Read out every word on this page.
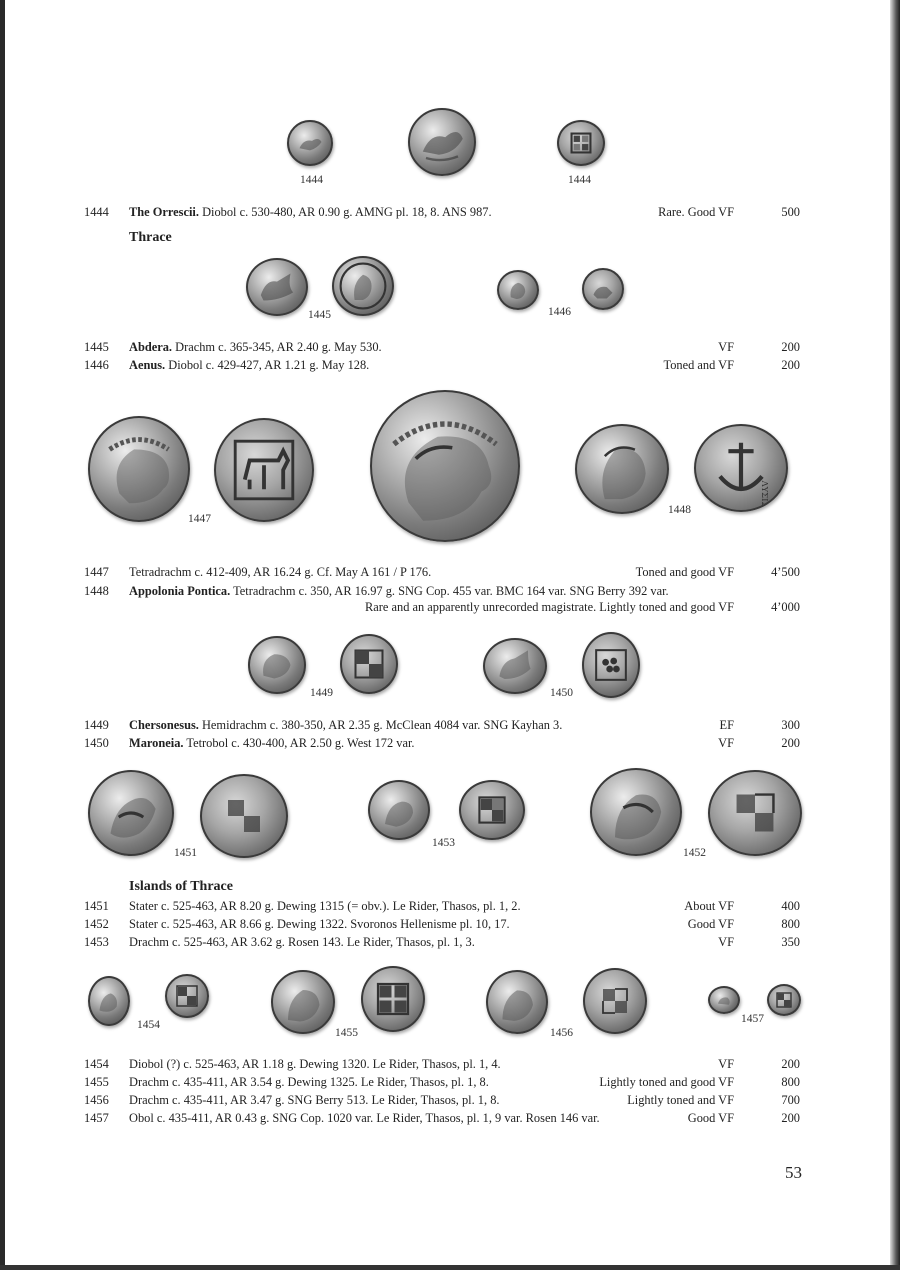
1444	1444
1444 The Orrescii. Diobol c. 530-480, AR 0.90 g. AMNG pl. 18, 8. ANS 987.	Rare. Good VF	500
Thrace
1445	1446
1445 Abdera. Drachm c. 365-345, AR 2.40 g. May 530.	VF	200
1446 Aenus. Diobol c. 429-427, AR 1.21 g. May 128.	Toned and VF	200
ΛΥΣΙΣ
1447
1448
1447 Tetradrachm c. 412-409, AR 16.24 g. Cf. May A 161 / P 176.	Toned and good VF	4’500
1448 Appolonia Pontica. Tetradrachm c. 350, AR 16.97 g. SNG Cop. 455 var. BMC 164 var. SNG Berry 392 var.
Rare and an apparently unrecorded magistrate. Lightly toned and good VF	4’000
1449	1450
1449 Chersonesus. Hemidrachm c. 380-350, AR 2.35 g. McClean 4084 var. SNG Kayhan 3.	EF	300
1450 Maroneia. Tetrobol c. 430-400, AR 2.50 g. West 172 var.	VF	200
1451
1453
1452
Islands of Thrace
1451 Stater c. 525-463, AR 8.20 g. Dewing 1315 (= obv.). Le Rider, Thasos, pl. 1, 2.	About VF	400
1452 Stater c. 525-463, AR 8.66 g. Dewing 1322. Svoronos Hellenisme pl. 10, 17.	Good VF	800
1453 Drachm c. 525-463, AR 3.62 g. Rosen 143. Le Rider, Thasos, pl. 1, 3.	VF	350
1454
1455	1456
1457
1454 Diobol (?) c. 525-463, AR 1.18 g. Dewing 1320. Le Rider, Thasos, pl. 1, 4.	VF	200
1455 Drachm c. 435-411, AR 3.54 g. Dewing 1325. Le Rider, Thasos, pl. 1, 8.	Lightly toned and good VF	800
1456 Drachm c. 435-411, AR 3.47 g. SNG Berry 513. Le Rider, Thasos, pl. 1, 8.	Lightly toned and VF	700
1457 Obol c. 435-411, AR 0.43 g. SNG Cop. 1020 var. Le Rider, Thasos, pl. 1, 9 var. Rosen 146 var.	Good VF	200
53
